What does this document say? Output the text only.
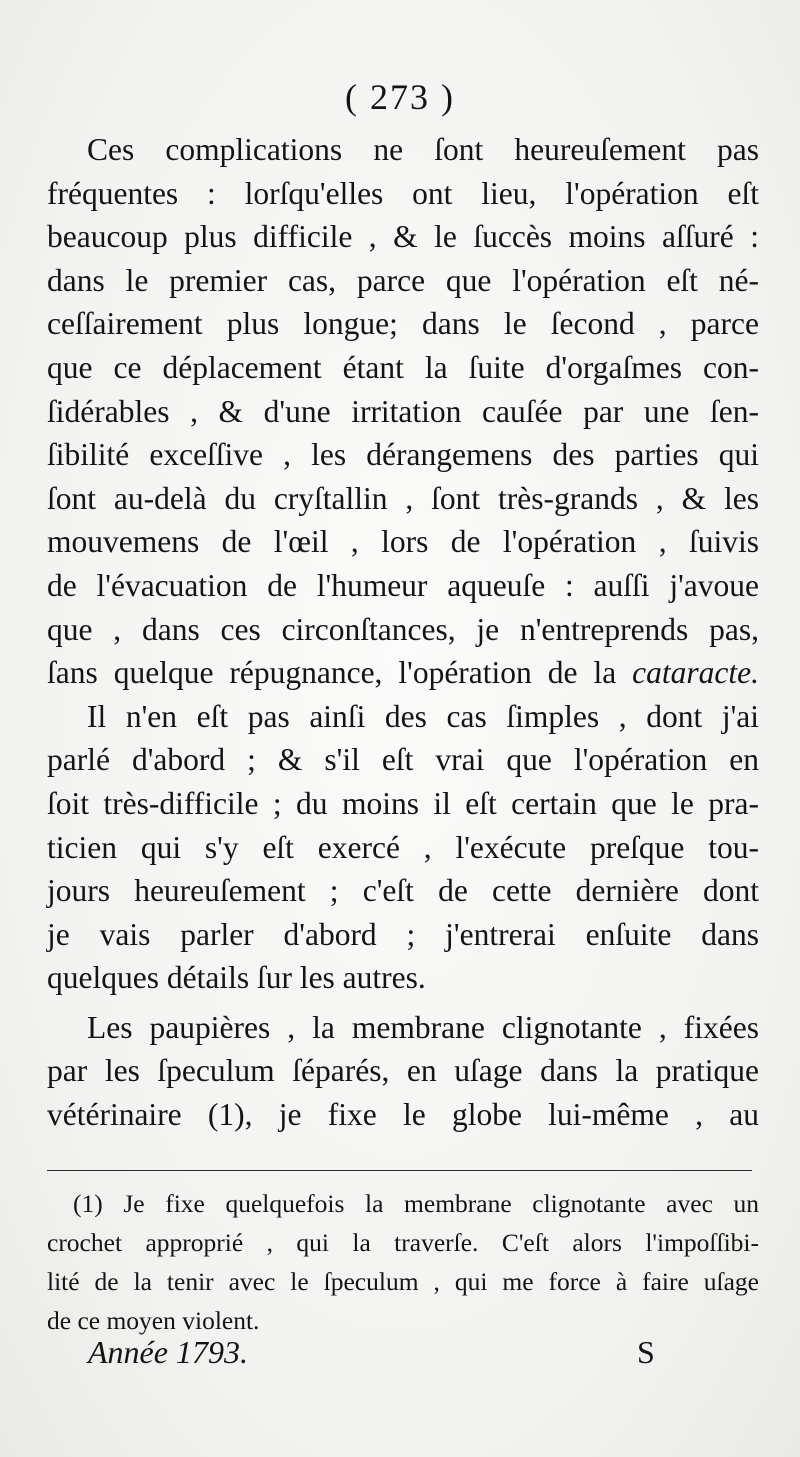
( 273 )
Ces complications ne ſont heureuſement pas
fréquentes : lorſqu'elles ont lieu, l'opération eſt
beaucoup plus difficile , & le ſuccès moins aſſuré :
dans le premier cas, parce que l'opération eſt né-
ceſſairement plus longue; dans le ſecond , parce
que ce déplacement étant la ſuite d'orgaſmes con-
ſidérables , & d'une irritation cauſée par une ſen-
ſibilité exceſſive , les dérangemens des parties qui
ſont au-delà du cryſtallin , ſont très-grands , & les
mouvemens de l'œil , lors de l'opération , ſuivis
de l'évacuation de l'humeur aqueuſe : auſſi j'avoue
que , dans ces circonſtances, je n'entreprends pas,
ſans quelque répugnance, l'opération de la cataracte.
Il n'en eſt pas ainſi des cas ſimples , dont j'ai
parlé d'abord ; & s'il eſt vrai que l'opération en
ſoit très-difficile ; du moins il eſt certain que le pra-
ticien qui s'y eſt exercé , l'exécute preſque tou-
jours heureuſement ; c'eſt de cette dernière dont
je vais parler d'abord ; j'entrerai enſuite dans
quelques détails ſur les autres.
Les paupières , la membrane clignotante , fixées
par les ſpeculum ſéparés, en uſage dans la pratique
vétérinaire (1), je fixe le globe lui-même , au
(1) Je fixe quelquefois la membrane clignotante avec un
crochet approprié , qui la traverſe. C'eſt alors l'impoſſibi-
lité de la tenir avec le ſpeculum , qui me force à faire uſage
de ce moyen violent.
Année 1793.	S
